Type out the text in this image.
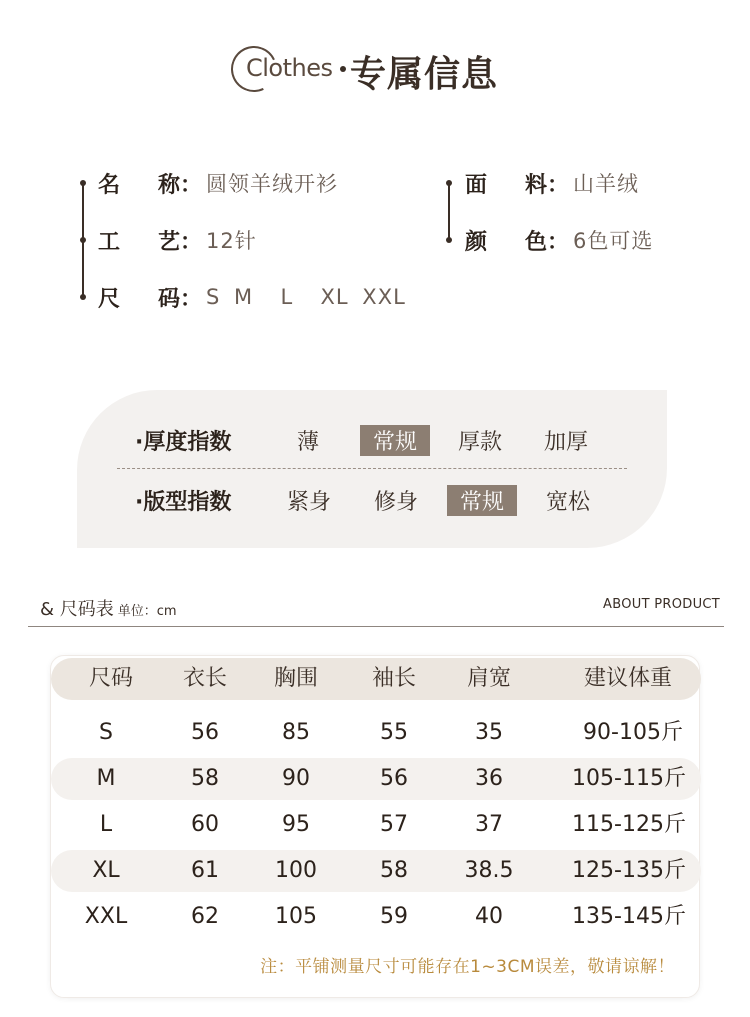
Clothes 专属信息
名 称 ： 圆领羊绒开衫
工 艺 ： 12针
尺 码 ： S M  L  XL XXL
面 料 ： 山羊绒
颜 色 ： 6色可选
·厚度指数	薄	常规	厚款	加厚
·版型指数	紧身	修身	常规	宽松
& 尺码表 单位：cm	ABOUT PRODUCT
尺码	衣长	胸围	袖长	肩宽	建议体重
S	56	85	55	35	90-105斤
M	58	90	56	36	105-115斤
L	60	95	57	37	115-125斤
XL	61	100	58	38.5	125-135斤
XXL	62	105	59	40	135-145斤
注：平铺测量尺寸可能存在1~3CM误差，敬请谅解！
